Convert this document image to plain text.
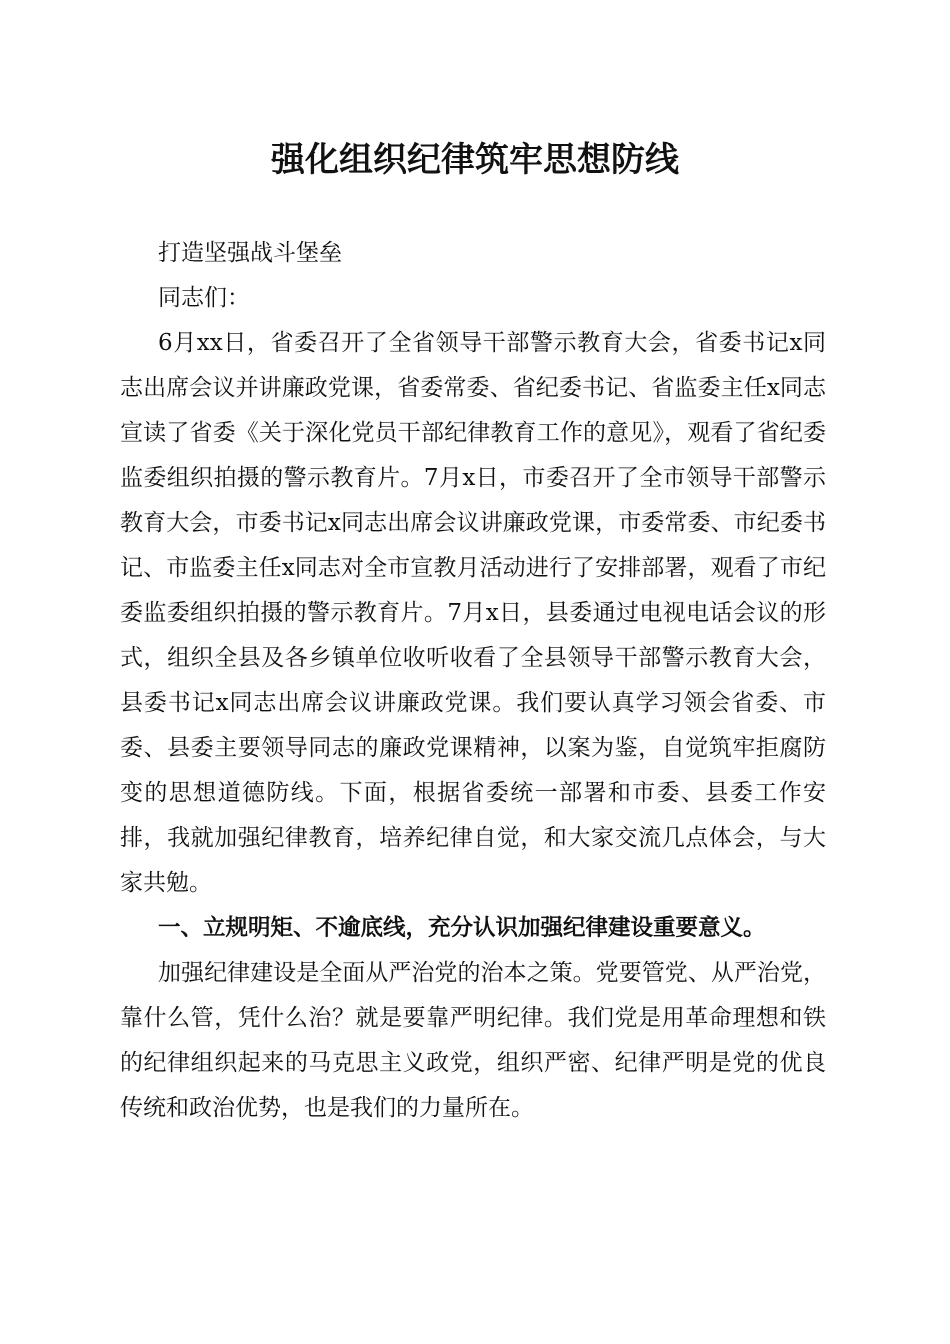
强化组织纪律筑牢思想防线

打造坚强战斗堡垒

同志们：

6月xx日，省委召开了全省领导干部警示教育大会，省委书记x同志出席会议并讲廉政党课，省委常委、省纪委书记、省监委主任x同志宣读了省委《关于深化党员干部纪律教育工作的意见》，观看了省纪委监委组织拍摄的警示教育片。7月x日，市委召开了全市领导干部警示教育大会，市委书记x同志出席会议讲廉政党课，市委常委、市纪委书记、市监委主任x同志对全市宣教月活动进行了安排部署，观看了市纪委监委组织拍摄的警示教育片。7月x日，县委通过电视电话会议的形式，组织全县及各乡镇单位收听收看了全县领导干部警示教育大会，县委书记x同志出席会议讲廉政党课。我们要认真学习领会省委、市委、县委主要领导同志的廉政党课精神，以案为鉴，自觉筑牢拒腐防变的思想道德防线。下面，根据省委统一部署和市委、县委工作安排，我就加强纪律教育，培养纪律自觉，和大家交流几点体会，与大家共勉。

一、立规明矩、不逾底线，充分认识加强纪律建设重要意义。

加强纪律建设是全面从严治党的治本之策。党要管党、从严治党，靠什么管，凭什么治？就是要靠严明纪律。我们党是用革命理想和铁的纪律组织起来的马克思主义政党，组织严密、纪律严明是党的优良传统和政治优势，也是我们的力量所在。
